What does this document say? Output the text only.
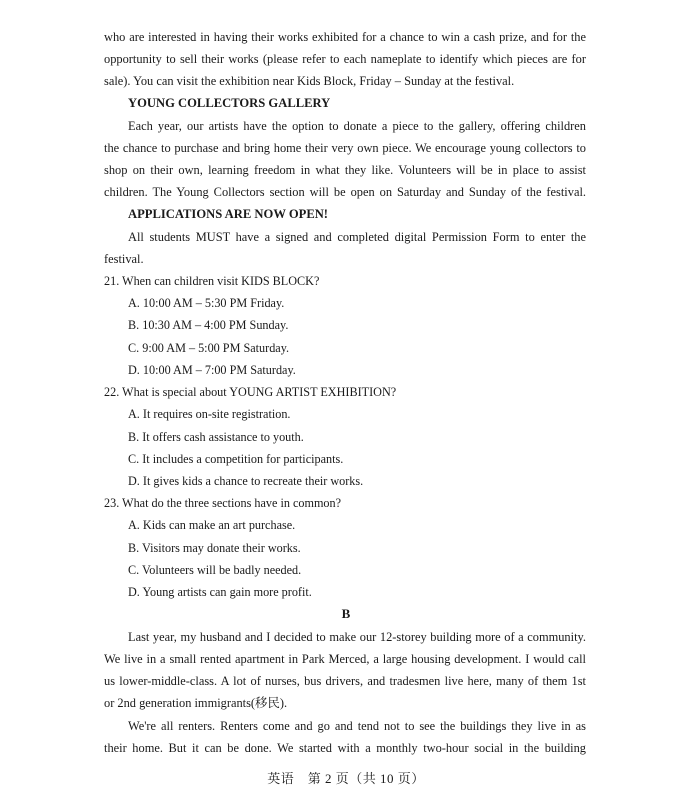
who are interested in having their works exhibited for a chance to win a cash prize, and for the
opportunity to sell their works (please refer to each nameplate to identify which pieces are for
sale). You can visit the exhibition near Kids Block, Friday – Sunday at the festival.
YOUNG COLLECTORS GALLERY
Each year, our artists have the option to donate a piece to the gallery, offering children
the chance to purchase and bring home their very own piece. We encourage young collectors to
shop on their own, learning freedom in what they like. Volunteers will be in place to assist
children. The Young Collectors section will be open on Saturday and Sunday of the festival.
APPLICATIONS ARE NOW OPEN!
All students MUST have a signed and completed digital Permission Form to enter the
festival.
21. When can children visit KIDS BLOCK?
A. 10:00 AM – 5:30 PM Friday.
B. 10:30 AM – 4:00 PM Sunday.
C. 9:00 AM – 5:00 PM Saturday.
D. 10:00 AM – 7:00 PM Saturday.
22. What is special about YOUNG ARTIST EXHIBITION?
A. It requires on-site registration.
B. It offers cash assistance to youth.
C. It includes a competition for participants.
D. It gives kids a chance to recreate their works.
23. What do the three sections have in common?
A. Kids can make an art purchase.
B. Visitors may donate their works.
C. Volunteers will be badly needed.
D. Young artists can gain more profit.
B
Last year, my husband and I decided to make our 12-storey building more of a community.
We live in a small rented apartment in Park Merced, a large housing development. I would call
us lower-middle-class. A lot of nurses, bus drivers, and tradesmen live here, many of them 1st
or 2nd generation immigrants(移民).
We're all renters. Renters come and go and tend not to see the buildings they live in as
their home. But it can be done. We started with a monthly two-hour social in the building
英语　第 2 页（共 10 页）
